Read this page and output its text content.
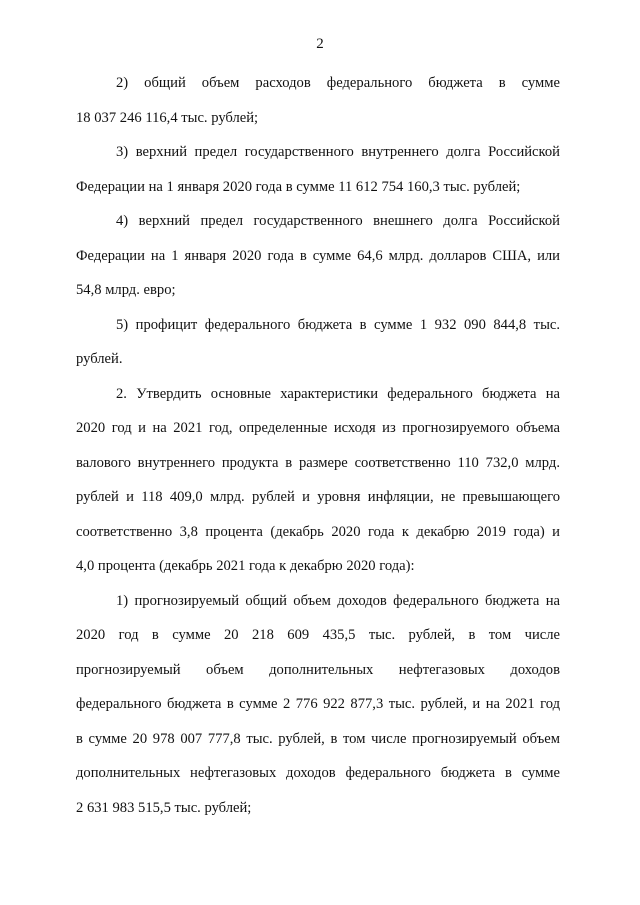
2
2) общий объем расходов федерального бюджета в сумме
18 037 246 116,4 тыс. рублей;
3) верхний предел государственного внутреннего долга Российской
Федерации на 1 января 2020 года в сумме 11 612 754 160,3 тыс. рублей;
4) верхний предел государственного внешнего долга Российской
Федерации на 1 января 2020 года в сумме 64,6 млрд. долларов США, или
54,8 млрд. евро;
5) профицит федерального бюджета в сумме 1 932 090 844,8 тыс.
рублей.
2. Утвердить основные характеристики федерального бюджета на
2020 год и на 2021 год, определенные исходя из прогнозируемого объема
валового внутреннего продукта в размере соответственно 110 732,0 млрд.
рублей и 118 409,0 млрд. рублей и уровня инфляции, не превышающего
соответственно 3,8 процента (декабрь 2020 года к декабрю 2019 года) и
4,0 процента (декабрь 2021 года к декабрю 2020 года):
1) прогнозируемый общий объем доходов федерального бюджета на
2020 год в сумме 20 218 609 435,5 тыс. рублей, в том числе
прогнозируемый объем дополнительных нефтегазовых доходов
федерального бюджета в сумме 2 776 922 877,3 тыс. рублей, и на 2021 год
в сумме 20 978 007 777,8 тыс. рублей, в том числе прогнозируемый объем
дополнительных нефтегазовых доходов федерального бюджета в сумме
2 631 983 515,5 тыс. рублей;
